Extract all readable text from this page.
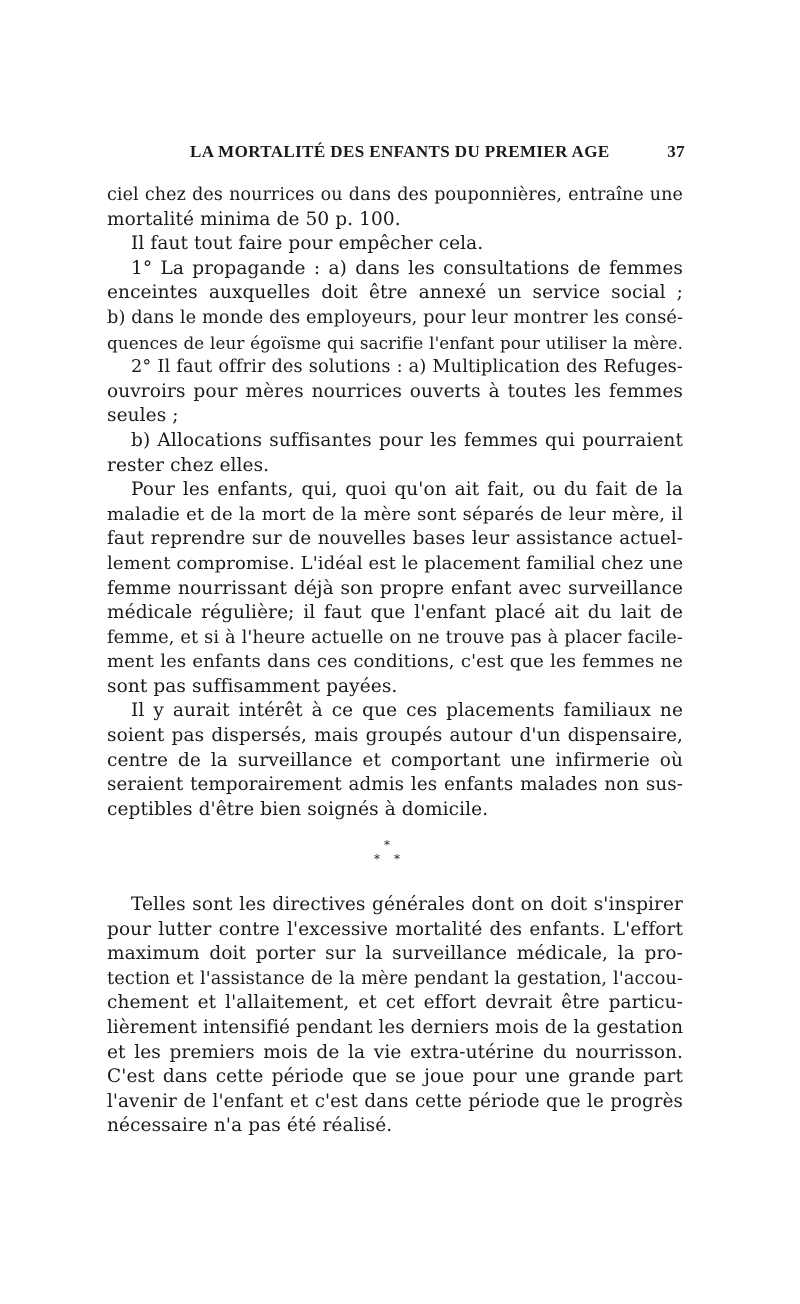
LA MORTALITÉ DES ENFANTS DU PREMIER AGE	37
ciel chez des nourrices ou dans des pouponnières, entraîne une
mortalité minima de 50 p. 100.
Il faut tout faire pour empêcher cela.
1° La propagande : a) dans les consultations de femmes
enceintes auxquelles doit être annexé un service social ;
b) dans le monde des employeurs, pour leur montrer les consé-
quences de leur égoïsme qui sacrifie l'enfant pour utiliser la mère.
2° Il faut offrir des solutions : a) Multiplication des Refuges-
ouvroirs pour mères nourrices ouverts à toutes les femmes
seules ;
b) Allocations suffisantes pour les femmes qui pourraient
rester chez elles.
Pour les enfants, qui, quoi qu'on ait fait, ou du fait de la
maladie et de la mort de la mère sont séparés de leur mère, il
faut reprendre sur de nouvelles bases leur assistance actuel-
lement compromise. L'idéal est le placement familial chez une
femme nourrissant déjà son propre enfant avec surveillance
médicale régulière; il faut que l'enfant placé ait du lait de
femme, et si à l'heure actuelle on ne trouve pas à placer facile-
ment les enfants dans ces conditions, c'est que les femmes ne
sont pas suffisamment payées.
Il y aurait intérêt à ce que ces placements familiaux ne
soient pas dispersés, mais groupés autour d'un dispensaire,
centre de la surveillance et comportant une infirmerie où
seraient temporairement admis les enfants malades non sus-
ceptibles d'être bien soignés à domicile.
*
* *
Telles sont les directives générales dont on doit s'inspirer
pour lutter contre l'excessive mortalité des enfants. L'effort
maximum doit porter sur la surveillance médicale, la pro-
tection et l'assistance de la mère pendant la gestation, l'accou-
chement et l'allaitement, et cet effort devrait être particu-
lièrement intensifié pendant les derniers mois de la gestation
et les premiers mois de la vie extra-utérine du nourrisson.
C'est dans cette période que se joue pour une grande part
l'avenir de l'enfant et c'est dans cette période que le progrès
nécessaire n'a pas été réalisé.
